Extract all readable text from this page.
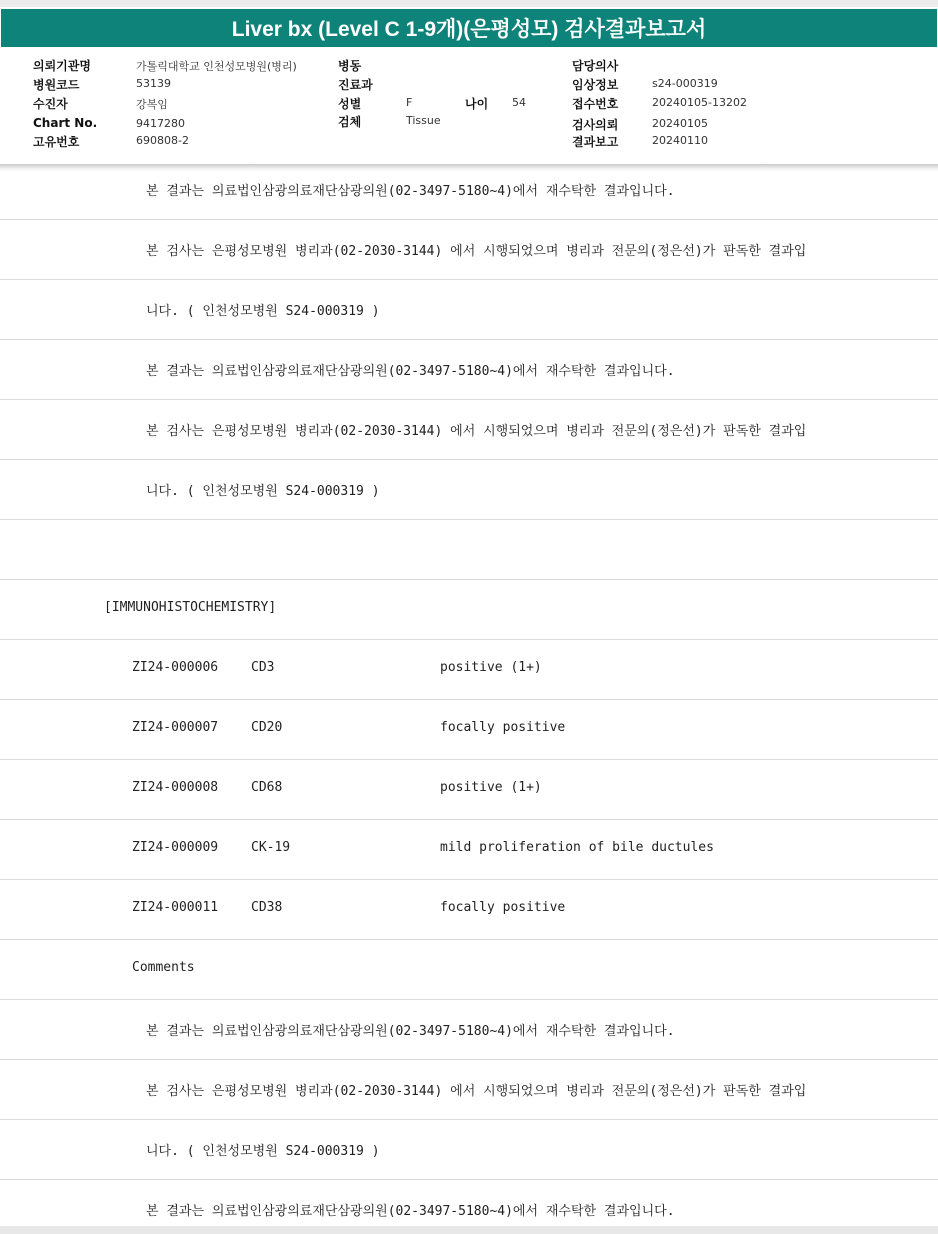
Liver bx (Level C 1-9개)(은평성모) 검사결과보고서
의뢰기관명	가톨릭대학교 인천성모병원(병리)
병원코드	53139
수진자	강복임
Chart No.	9417280
고유번호	690808-2
병동
진료과
성별	F	나이 54
검체	Tissue
담당의사
임상정보	s24-000319
접수번호	20240105-13202
검사의뢰	20240105
결과보고	20240110
본 결과는 의료법인삼광의료재단삼광의원(02-3497-5180~4)에서 재수탁한 결과입니다.
본 검사는 은평성모병원 병리과(02-2030-3144) 에서 시행되었으며 병리과 전문의(정은선)가 판독한 결과입
니다. ( 인천성모병원 S24-000319 )
본 결과는 의료법인삼광의료재단삼광의원(02-3497-5180~4)에서 재수탁한 결과입니다.
본 검사는 은평성모병원 병리과(02-2030-3144) 에서 시행되었으며 병리과 전문의(정은선)가 판독한 결과입
니다. ( 인천성모병원 S24-000319 )
[IMMUNOHISTOCHEMISTRY]
ZI24-000006	CD3	positive (1+)
ZI24-000007	CD20	focally positive
ZI24-000008	CD68	positive (1+)
ZI24-000009	CK-19	mild proliferation of bile ductules
ZI24-000011	CD38	focally positive
Comments
본 결과는 의료법인삼광의료재단삼광의원(02-3497-5180~4)에서 재수탁한 결과입니다.
본 검사는 은평성모병원 병리과(02-2030-3144) 에서 시행되었으며 병리과 전문의(정은선)가 판독한 결과입
니다. ( 인천성모병원 S24-000319 )
본 결과는 의료법인삼광의료재단삼광의원(02-3497-5180~4)에서 재수탁한 결과입니다.
